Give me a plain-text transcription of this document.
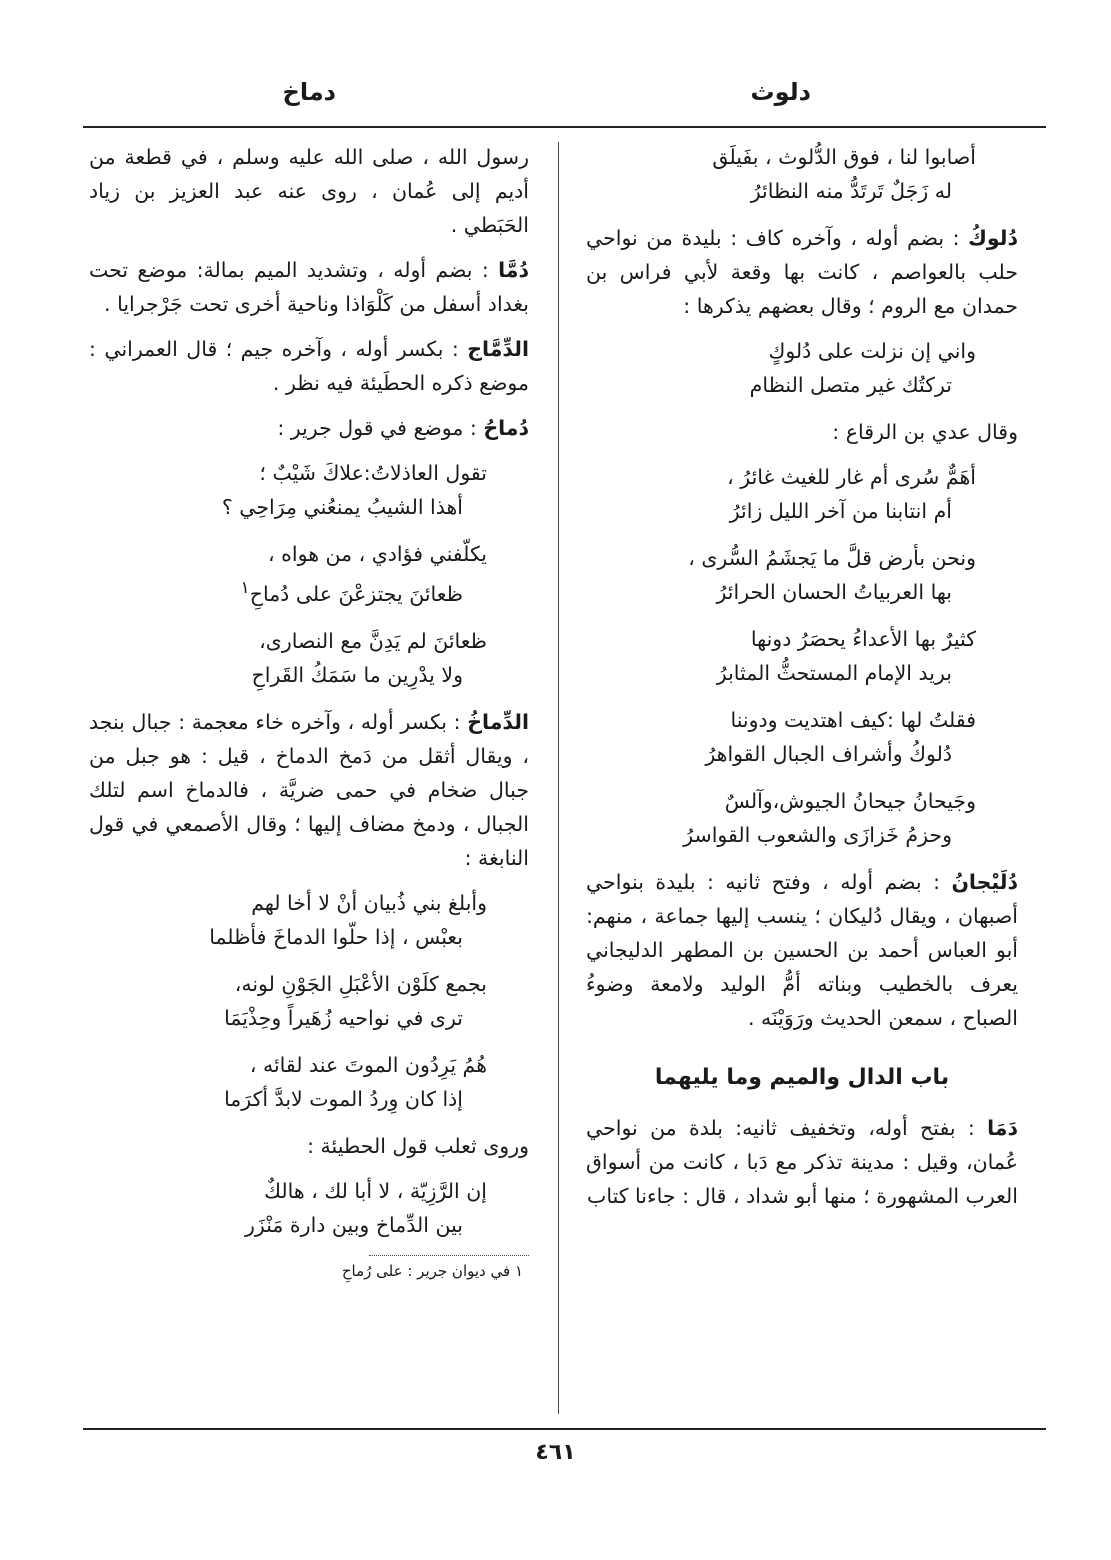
دلوث
دماخ
أصابوا لنا ، فوق الدُّلوث ، بفَيلَق
له زَجَلٌ تَرتَدُّ منه النظائرُ

دُلوكُ : بضم أوله ، وآخره كاف : بليدة من نواحي حلب بالعواصم ، كانت بها وقعة لأبي فراس بن حمدان مع الروم ؛ وقال بعضهم يذكرها :

واني إن نزلت على دُلوكٍ
تركتُك غير متصل النظام

وقال عدي بن الرقاع :

أهَمٌّ سُرى أم غار للغيث غائرُ ،
أم انتابنا من آخر الليل زائرُ
ونحن بأرض قلَّ ما يَجشَمُ السُّرى ،
بها العربياتُ الحسان الحرائرُ
كثيرٌ بها الأعداءُ يحصَرُ دونها
بريد الإمام المستحثُّ المثابرُ
فقلتُ لها :كيف اهتديت ودوننا
دُلوكُ وأشراف الجبال القواهرُ
وجَيحانُ جيحانُ الجيوش،وآلسٌ
وحزمُ خَزازَى والشعوب القواسرُ

دُلَيْجانُ : بضم أوله ، وفتح ثانيه : بليدة بنواحي أصبهان ، ويقال دُليكان ؛ ينسب إليها جماعة ، منهم: أبو العباس أحمد بن الحسين بن المطهر الدليجاني يعرف بالخطيب وبناته أمُّ الوليد ولامعة وضوءُ الصباح ، سمعن الحديث ورَوَيْنَه .

باب الدال والميم وما يليهما

دَمَا : بفتح أوله، وتخفيف ثانيه: بلدة من نواحي عُمان، وقيل : مدينة تذكر مع دَبا ، كانت من أسواق العرب المشهورة ؛ منها أبو شداد ، قال : جاءنا كتاب

رسول الله ، صلى الله عليه وسلم ، في قطعة من أديم إلى عُمان ، روى عنه عبد العزيز بن زياد الحَبَطي .

دُمَّا : بضم أوله ، وتشديد الميم بمالة: موضع تحت بغداد أسفل من كَلْوَاذا وناحية أخرى تحت جَرْجرايا .

الدِّمَّاج : بكسر أوله ، وآخره جيم ؛ قال العمراني : موضع ذكره الحطَيئة فيه نظر .

دُماحُ : موضع في قول جرير :

تقول العاذلاتُ:علاكَ شَيْبٌ ؛
أهذا الشيبُ يمنعُني مِرَاحِي ؟
يكلّفني فؤادي ، من هواه ،
ظعائنَ يجتزعْنَ على دُماحِ$^١$
ظعائنَ لم يَدِنَّ مع النصارى،
ولا يدْرِين ما سَمَكُ القَراحِ

الدِّماخُ : بكسر أوله ، وآخره خاء معجمة : جبال بنجد ، ويقال أثقل من دَمخ الدماخ ، قيل : هو جبل من جبال ضخام في حمى ضريَّة ، فالدماخ اسم لتلك الجبال ، ودمخ مضاف إليها ؛ وقال الأصمعي في قول النابغة :

وأبلغ بني ذُبيان أنْ لا أخا لهم
بعبْس ، إذا حلّوا الدماخَ فأظلما
بجمع كلَوْن الأعْبَلِ الجَوْنِ لونه،
ترى في نواحيه زُهَيراً وحِذْيَمَا
هُمُ يَرِدُون الموتَ عند لقائه ،
إذا كان وِردُ الموت لابدَّ أكرَما

وروى ثعلب قول الحطيئة :

إن الرَّزِيّة ، لا أبا لك ، هالكٌ
بين الدِّماخ وبين دارة مَنْزَر
١ في ديوان جرير : على رُماحِ
٤٦١
